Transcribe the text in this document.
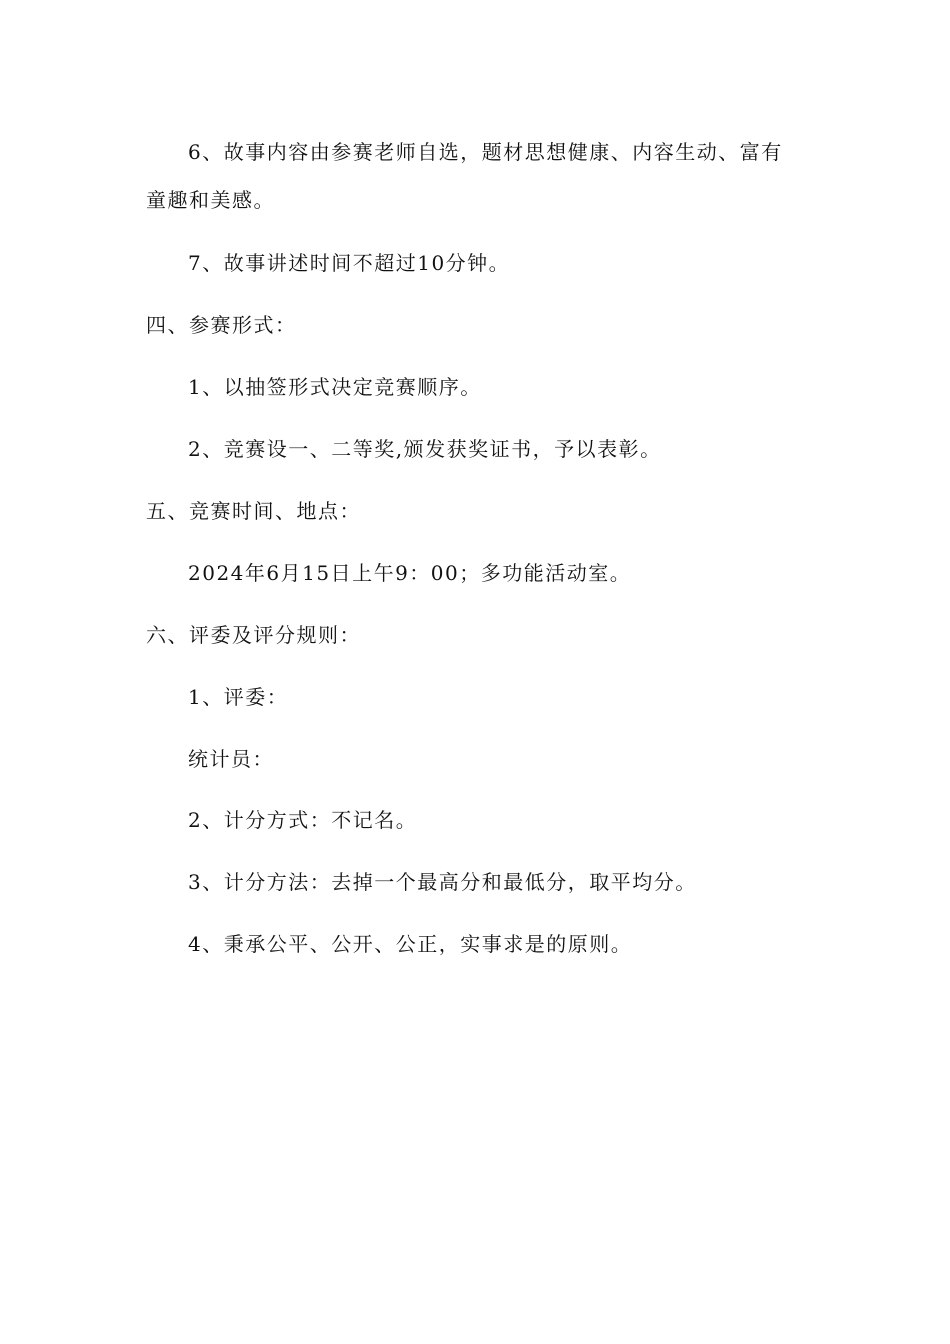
6、故事内容由参赛老师自选，题材思想健康、内容生动、富有
童趣和美感。
7、故事讲述时间不超过10分钟。
四、参赛形式：
1、以抽签形式决定竞赛顺序。
2、竞赛设一、二等奖,颁发获奖证书，予以表彰。
五、竞赛时间、地点：
2024年6月15日上午9：00；多功能活动室。
六、评委及评分规则：
1、评委：
统计员：
2、计分方式：不记名。
3、计分方法：去掉一个最高分和最低分，取平均分。
4、秉承公平、公开、公正，实事求是的原则。
